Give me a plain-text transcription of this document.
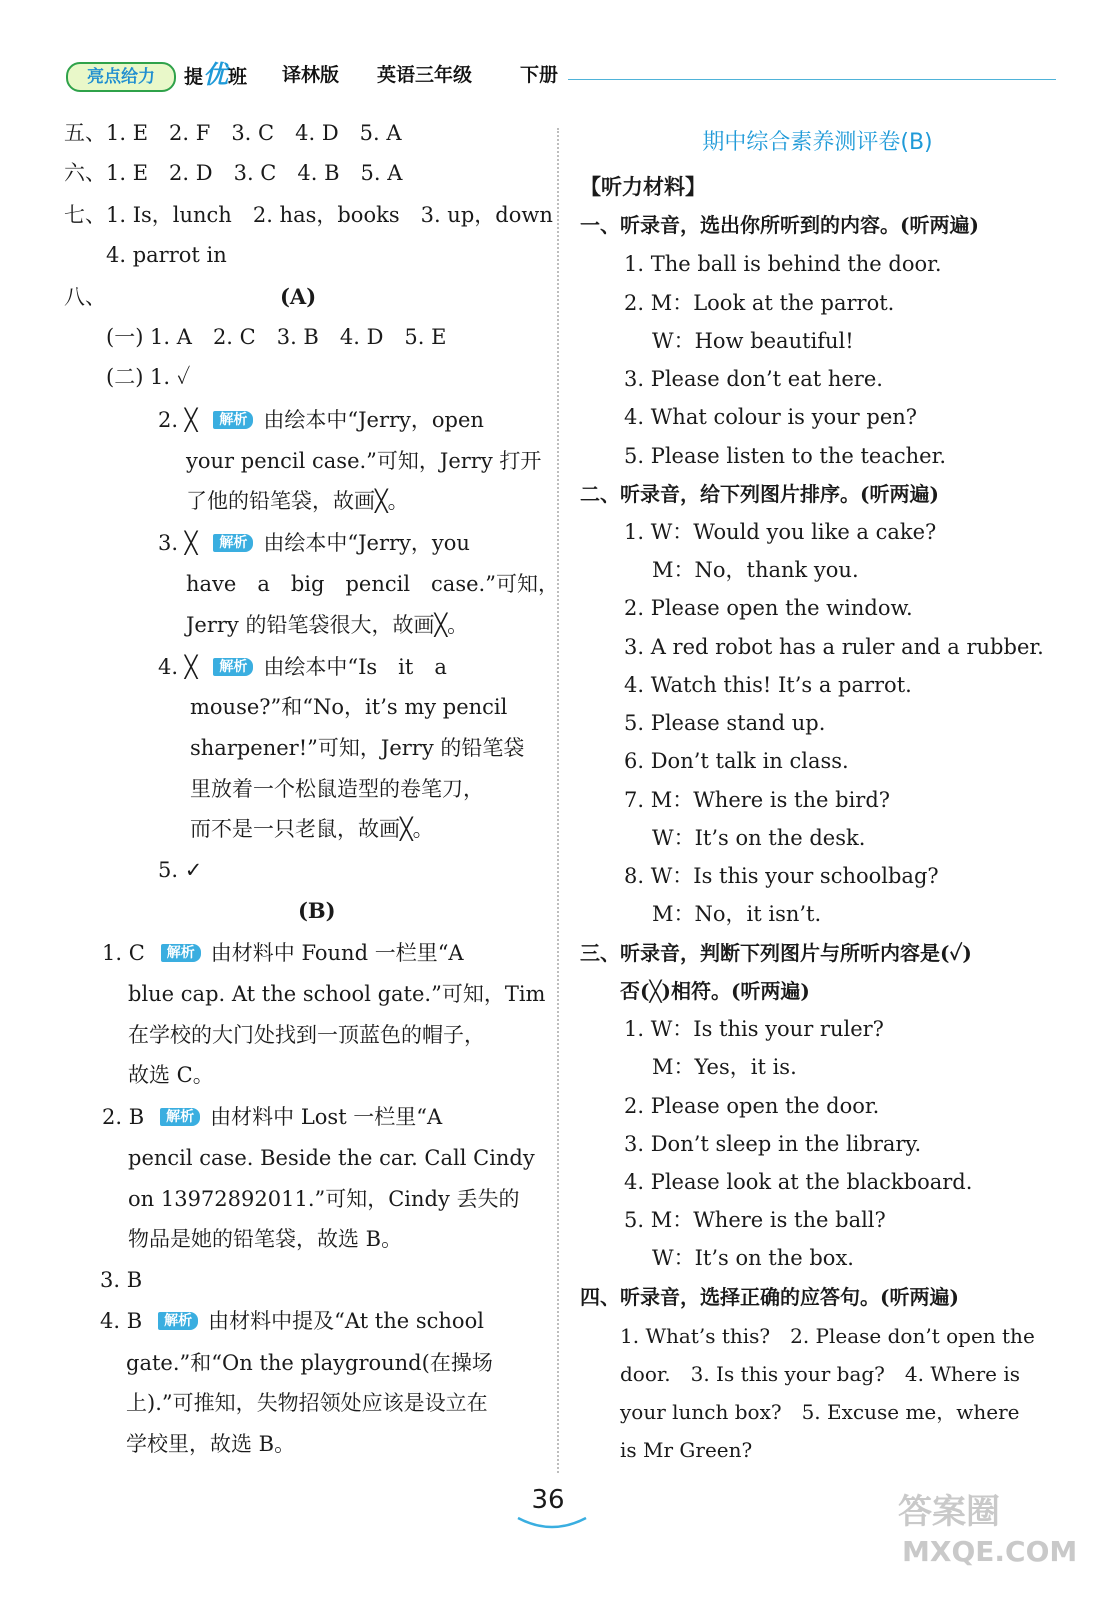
亮点给力	提优班 译林版 英语三年级	下册
五、1. E　2. F　3. C　4. D　5. A
六、1. E　2. D　3. C　4. B　5. A
七、1. Is，lunch　2. has，books　3. up，down
4. parrot in
八、	(A)
(一) 1. A　2. C　3. B　4. D　5. E
(二) 1. ✓
2. ╳ 解析 由绘本中“Jerry，open
your pencil case.”可知，Jerry 打开
了他的铅笔袋，故画╳。
3. ╳ 解析 由绘本中“Jerry，you
have　a　big　pencil　case.”可知，
Jerry 的铅笔袋很大，故画╳。
4. ╳ 解析 由绘本中“Is　it　a
mouse?”和“No，it’s my pencil
sharpener!”可知，Jerry 的铅笔袋
里放着一个松鼠造型的卷笔刀，
而不是一只老鼠，故画╳。
5. ✓
(B)
1. C 解析 由材料中 Found 一栏里“A
blue cap. At the school gate.”可知，Tim
在学校的大门处找到一顶蓝色的帽子，
故选 C。
2. B 解析 由材料中 Lost 一栏里“A
pencil case. Beside the car. Call Cindy
on 13972892011.”可知，Cindy 丢失的
物品是她的铅笔袋，故选 B。
3. B
4. B 解析 由材料中提及“At the school
gate.”和“On the playground(在操场
上).”可推知，失物招领处应该是设立在
学校里，故选 B。
期中综合素养测评卷(B)
【听力材料】
一、听录音，选出你所听到的内容。(听两遍)
1. The ball is behind the door.
2. M：Look at the parrot.
W：How beautiful!
3. Please don’t eat here.
4. What colour is your pen?
5. Please listen to the teacher.
二、听录音，给下列图片排序。(听两遍)
1. W：Would you like a cake?
M：No，thank you.
2. Please open the window.
3. A red robot has a ruler and a rubber.
4. Watch this! It’s a parrot.
5. Please stand up.
6. Don’t talk in class.
7. M：Where is the bird?
W：It’s on the desk.
8. W：Is this your schoolbag?
M：No，it isn’t.
三、听录音，判断下列图片与所听内容是(✓)
否(╳)相符。(听两遍)
1. W：Is this your ruler?
M：Yes，it is.
2. Please open the door.
3. Don’t sleep in the library.
4. Please look at the blackboard.
5. M：Where is the ball?
W：It’s on the box.
四、听录音，选择正确的应答句。(听两遍)
1. What’s this?　2. Please don’t open the
door.　3. Is this your bag?　4. Where is
your lunch box?　5. Excuse me，where
is Mr Green?
36	答案圈
MXQE.COM
